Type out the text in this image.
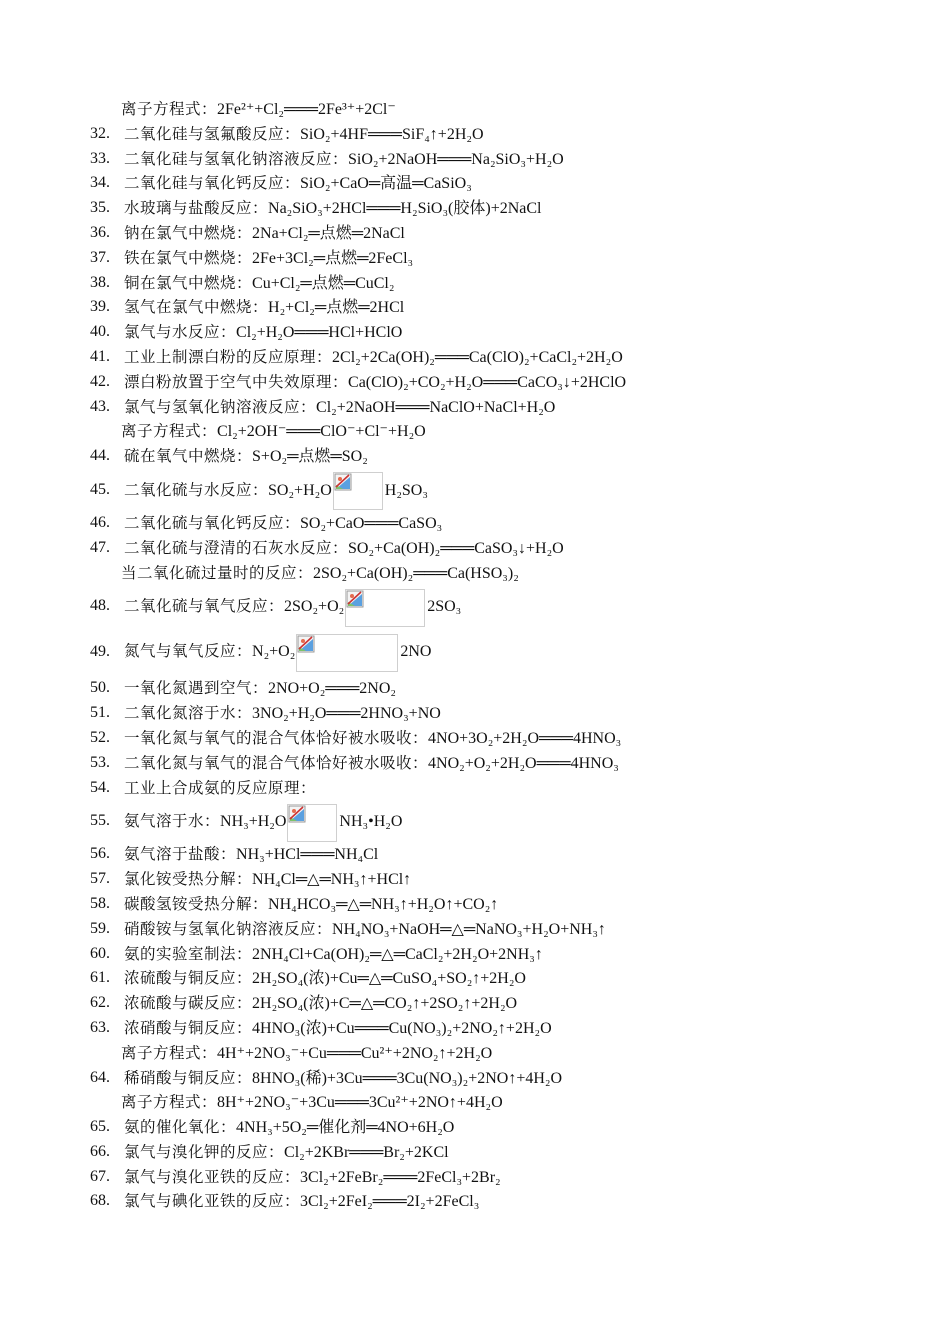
离子方程式：2Fe²⁺+Cl₂═══2Fe³⁺+2Cl⁻
32. 二氧化硅与氢氟酸反应：SiO₂+4HF═══SiF₄↑+2H₂O
33. 二氧化硅与氢氧化钠溶液反应：SiO₂+2NaOH═══Na₂SiO₃+H₂O
34. 二氧化硅与氧化钙反应：SiO₂+CaO═高温═CaSiO₃
35. 水玻璃与盐酸反应：Na₂SiO₃+2HCl═══H₂SiO₃(胶体)+2NaCl
36. 钠在氯气中燃烧：2Na+Cl₂═点燃═2NaCl
37. 铁在氯气中燃烧：2Fe+3Cl₂═点燃═2FeCl₃
38. 铜在氯气中燃烧：Cu+Cl₂═点燃═CuCl₂
39. 氢气在氯气中燃烧：H₂+Cl₂═点燃═2HCl
40. 氯气与水反应：Cl₂+H₂O═══HCl+HClO
41. 工业上制漂白粉的反应原理：2Cl₂+2Ca(OH)₂═══Ca(ClO)₂+CaCl₂+2H₂O
42. 漂白粉放置于空气中失效原理：Ca(ClO)₂+CO₂+H₂O═══CaCO₃↓+2HClO
43. 氯气与氢氧化钠溶液反应：Cl₂+2NaOH═══NaClO+NaCl+H₂O
离子方程式：Cl₂+2OH⁻═══ClO⁻+Cl⁻+H₂O
44. 硫在氧气中燃烧：S+O₂═点燃═SO₂
45. 二氧化硫与水反应：SO₂+H₂O	H₂SO₃
46. 二氧化硫与氧化钙反应：SO₂+CaO═══CaSO₃
47. 二氧化硫与澄清的石灰水反应：SO₂+Ca(OH)₂═══CaSO₃↓+H₂O
当二氧化硫过量时的反应：2SO₂+Ca(OH)₂═══Ca(HSO₃)₂
48. 二氧化硫与氧气反应：2SO₂+O₂	2SO₃
49. 氮气与氧气反应：N₂+O₂	2NO
50. 一氧化氮遇到空气：2NO+O₂═══2NO₂
51. 二氧化氮溶于水：3NO₂+H₂O═══2HNO₃+NO
52. 一氧化氮与氧气的混合气体恰好被水吸收：4NO+3O₂+2H₂O═══4HNO₃
53. 二氧化氮与氧气的混合气体恰好被水吸收：4NO₂+O₂+2H₂O═══4HNO₃
54. 工业上合成氨的反应原理：
55. 氨气溶于水：NH₃+H₂O	NH₃•H₂O
56. 氨气溶于盐酸：NH₃+HCl═══NH₄Cl
57. 氯化铵受热分解：NH₄Cl═△═NH₃↑+HCl↑
58. 碳酸氢铵受热分解：NH₄HCO₃═△═NH₃↑+H₂O↑+CO₂↑
59. 硝酸铵与氢氧化钠溶液反应：NH₄NO₃+NaOH═△═NaNO₃+H₂O+NH₃↑
60. 氨的实验室制法：2NH₄Cl+Ca(OH)₂═△═CaCl₂+2H₂O+2NH₃↑
61. 浓硫酸与铜反应：2H₂SO₄(浓)+Cu═△═CuSO₄+SO₂↑+2H₂O
62. 浓硫酸与碳反应：2H₂SO₄(浓)+C═△═CO₂↑+2SO₂↑+2H₂O
63. 浓硝酸与铜反应：4HNO₃(浓)+Cu═══Cu(NO₃)₂+2NO₂↑+2H₂O
离子方程式：4H⁺+2NO₃⁻+Cu═══Cu²⁺+2NO₂↑+2H₂O
64. 稀硝酸与铜反应：8HNO₃(稀)+3Cu═══3Cu(NO₃)₂+2NO↑+4H₂O
离子方程式：8H⁺+2NO₃⁻+3Cu═══3Cu²⁺+2NO↑+4H₂O
65. 氨的催化氧化：4NH₃+5O₂═催化剂═4NO+6H₂O
66. 氯气与溴化钾的反应：Cl₂+2KBr═══Br₂+2KCl
67. 氯气与溴化亚铁的反应：3Cl₂+2FeBr₂═══2FeCl₃+2Br₂
68. 氯气与碘化亚铁的反应：3Cl₂+2FeI₂═══2I₂+2FeCl₃
